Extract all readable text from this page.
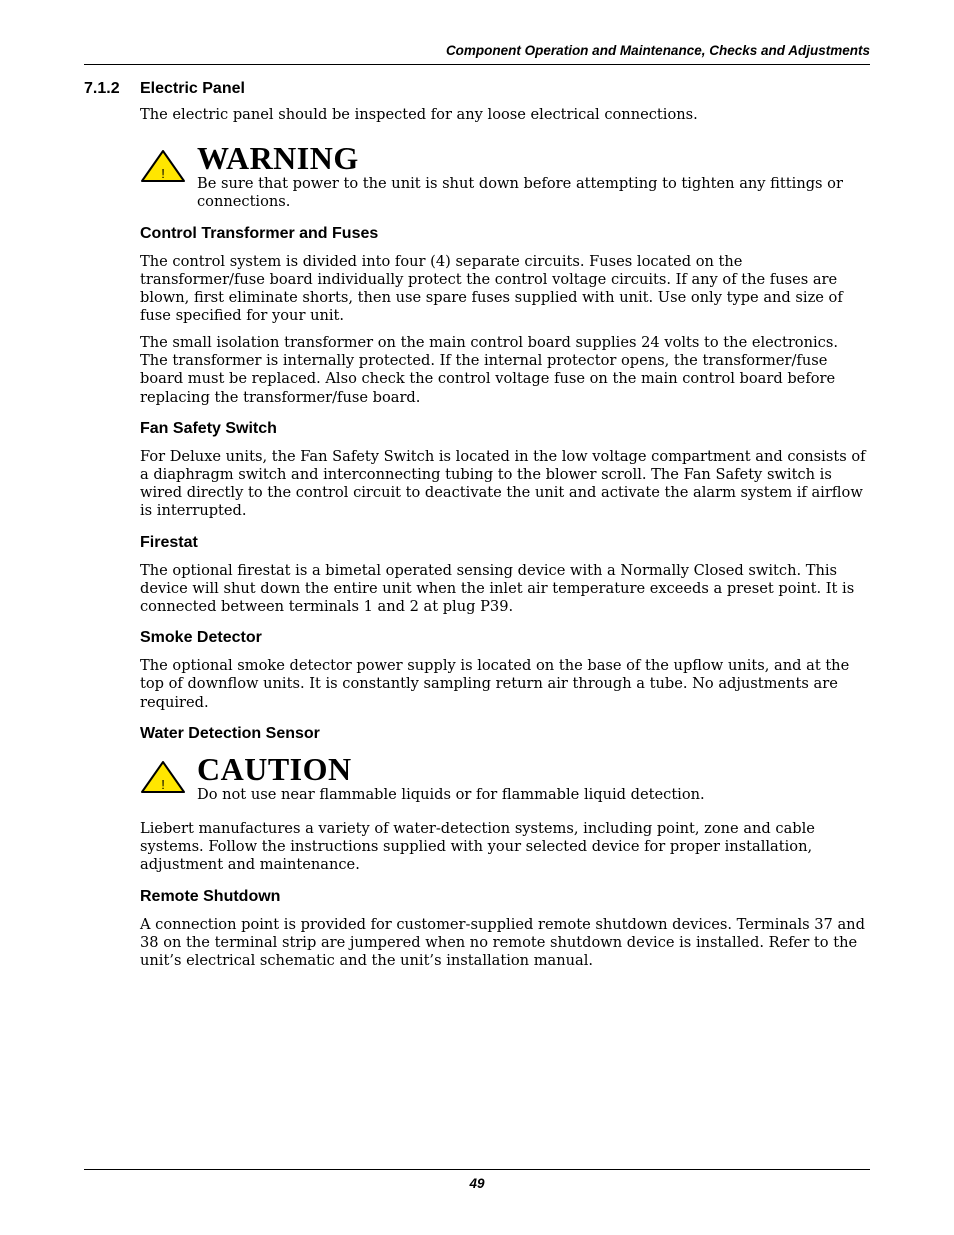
Component Operation and Maintenance, Checks and Adjustments
7.1.2 Electric Panel

The electric panel should be inspected for any loose electrical connections.

! WARNING
Be sure that power to the unit is shut down before attempting to tighten any fittings or connections.
Control Transformer and Fuses

The control system is divided into four (4) separate circuits. Fuses located on the transformer/fuse board individually protect the control voltage circuits. If any of the fuses are blown, first eliminate shorts, then use spare fuses supplied with unit. Use only type and size of fuse specified for your unit.

The small isolation transformer on the main control board supplies 24 volts to the electronics. The transformer is internally protected. If the internal protector opens, the transformer/fuse board must be replaced. Also check the control voltage fuse on the main control board before replacing the transformer/fuse board.

Fan Safety Switch

For Deluxe units, the Fan Safety Switch is located in the low voltage compartment and consists of a diaphragm switch and interconnecting tubing to the blower scroll. The Fan Safety switch is wired directly to the control circuit to deactivate the unit and activate the alarm system if airflow is interrupted.

Firestat

The optional firestat is a bimetal operated sensing device with a Normally Closed switch. This device will shut down the entire unit when the inlet air temperature exceeds a preset point. It is connected between terminals 1 and 2 at plug P39.

Smoke Detector

The optional smoke detector power supply is located on the base of the upflow units, and at the top of downflow units. It is constantly sampling return air through a tube. No adjustments are required.

Water Detection Sensor
! CAUTION
Do not use near flammable liquids or for flammable liquid detection.

Liebert manufactures a variety of water-detection systems, including point, zone and cable systems. Follow the instructions supplied with your selected device for proper installation, adjustment and maintenance.

Remote Shutdown

A connection point is provided for customer-supplied remote shutdown devices. Terminals 37 and 38 on the terminal strip are jumpered when no remote shutdown device is installed. Refer to the unit’s electrical schematic and the unit’s installation manual.

49
